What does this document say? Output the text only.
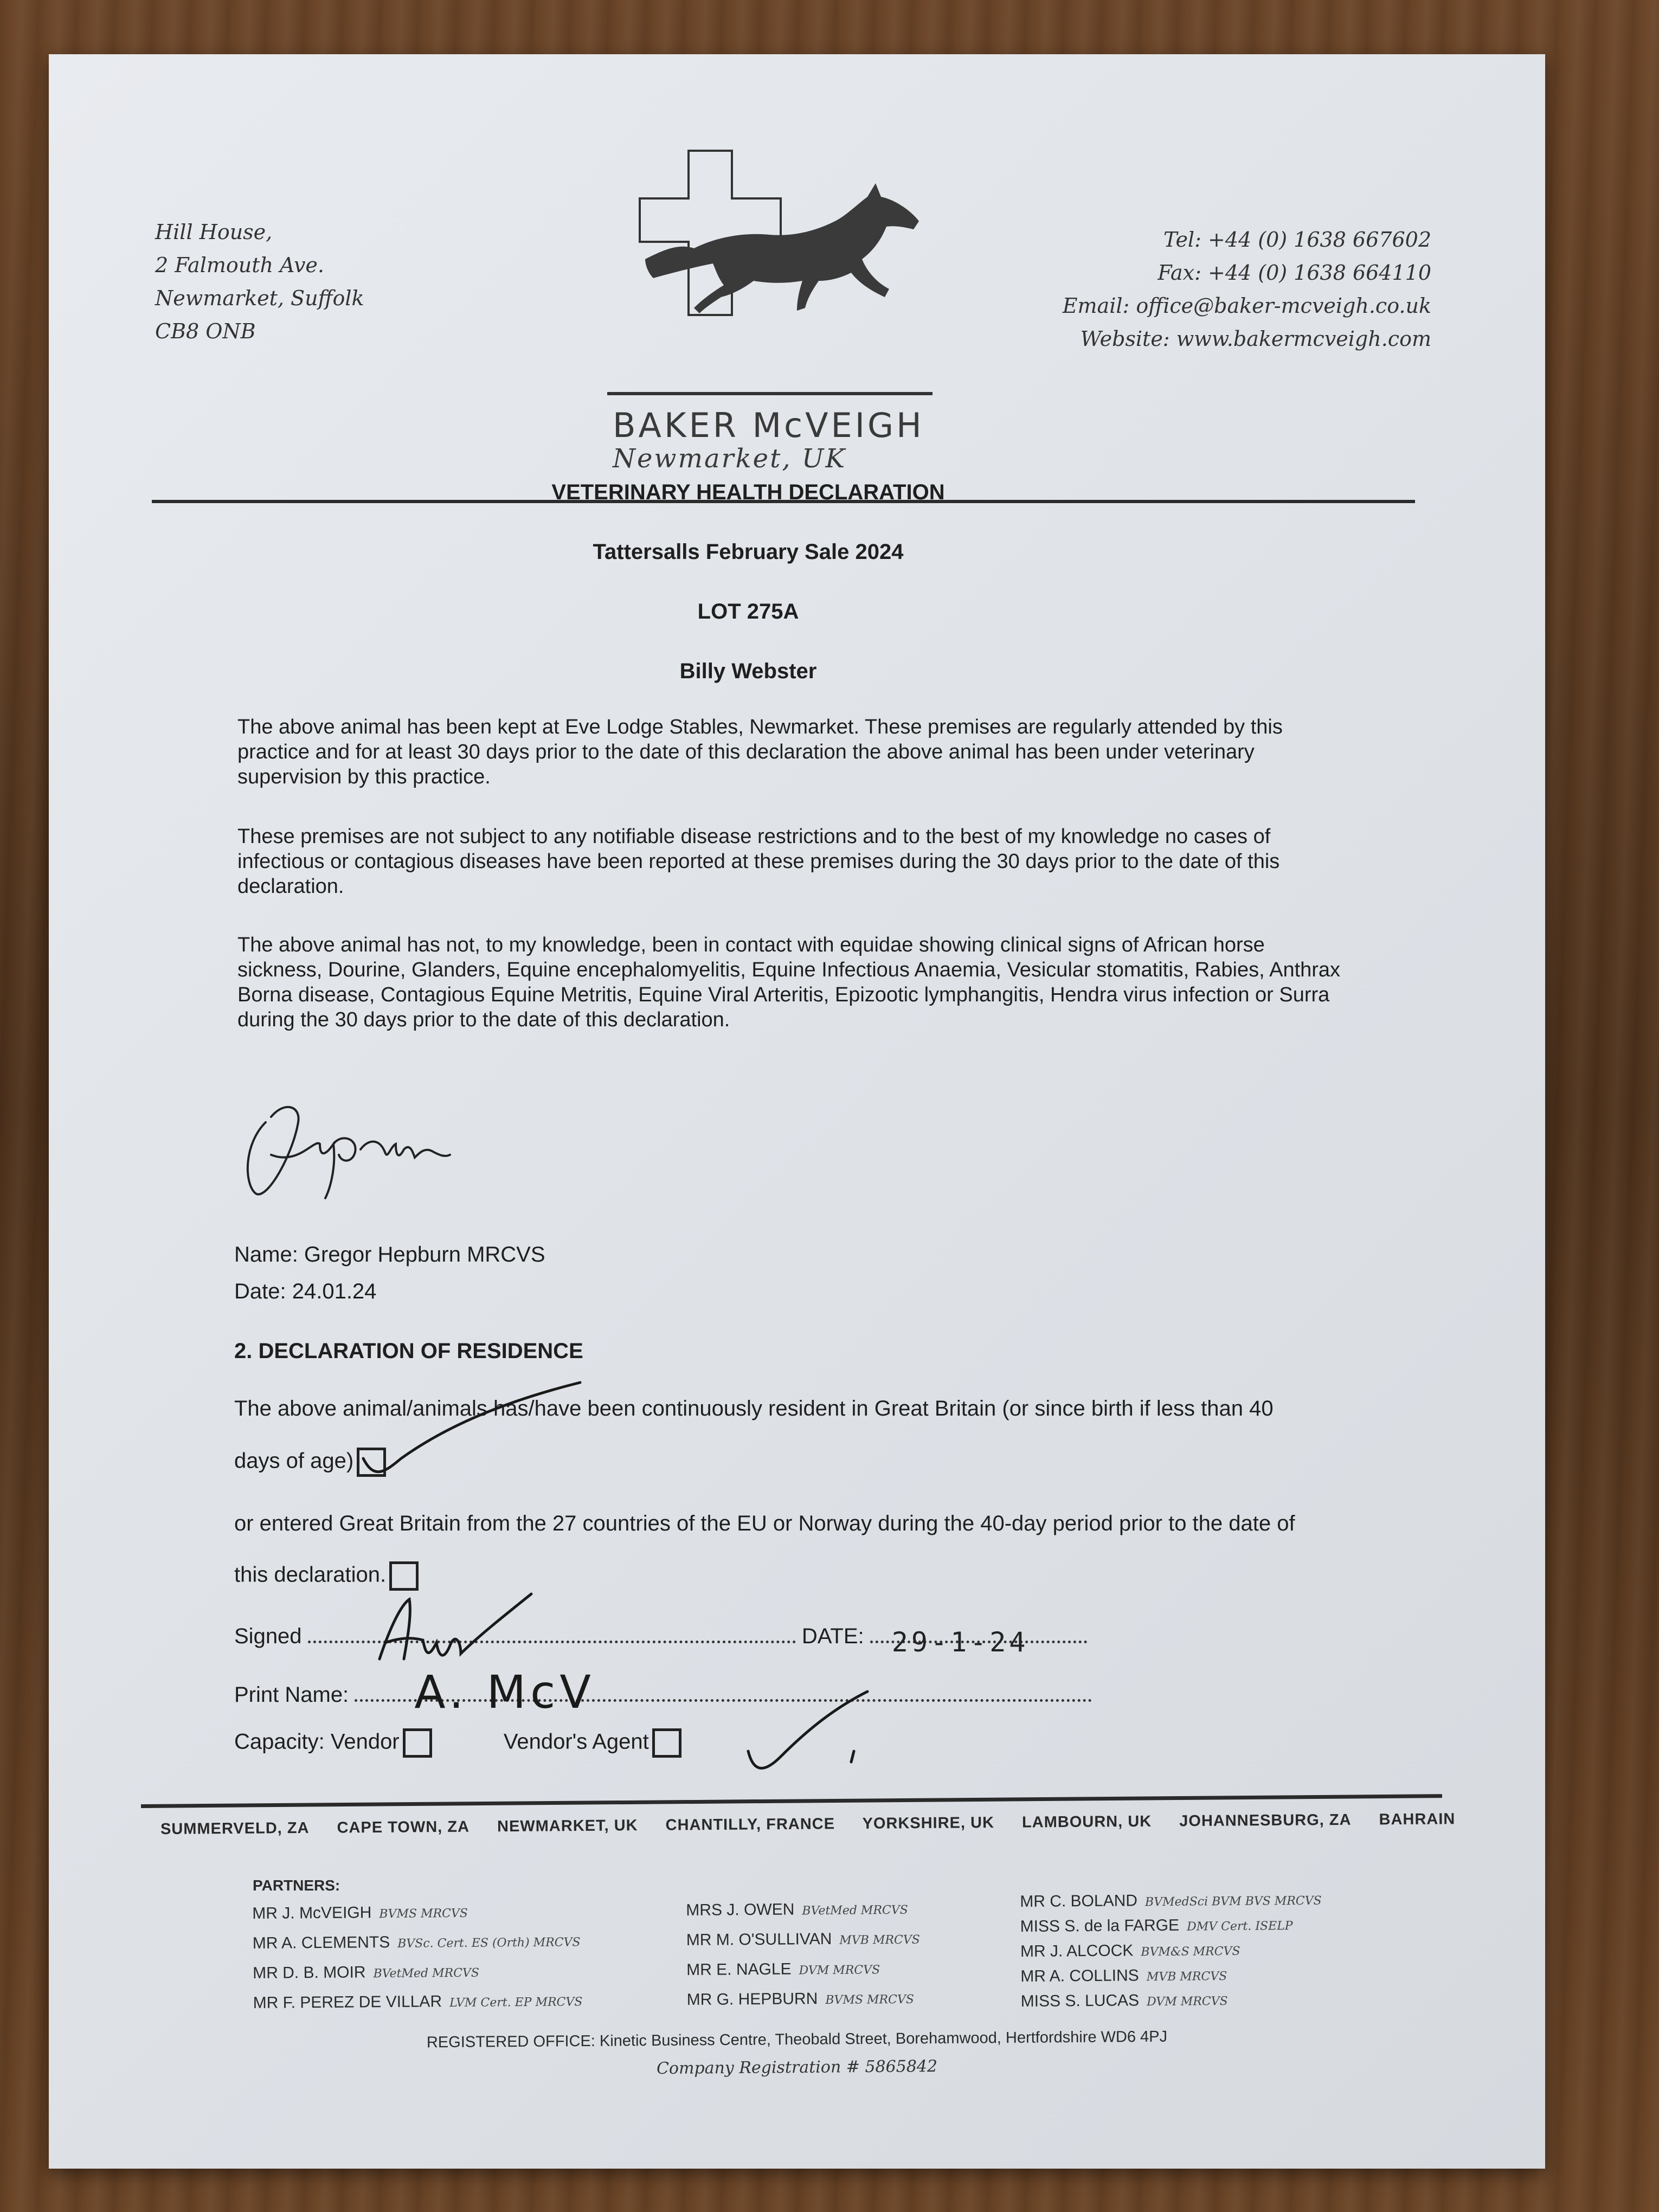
Hill House,
2 Falmouth Ave.
Newmarket, Suffolk
CB8 ONB
BAKER McVEIGH
Newmarket, UK
Tel: +44 (0) 1638 667602
Fax: +44 (0) 1638 664110
Email: office@baker-mcveigh.co.uk
Website: www.bakermcveigh.com
VETERINARY HEALTH DECLARATION
Tattersalls February Sale 2024
LOT 275A
Billy Webster
The above animal has been kept at Eve Lodge Stables, Newmarket. These premises are regularly attended by this practice and for at least 30 days prior to the date of this declaration the above animal has been under veterinary supervision by this practice.
These premises are not subject to any notifiable disease restrictions and to the best of my knowledge no cases of infectious or contagious diseases have been reported at these premises during the 30 days prior to the date of this declaration.
The above animal has not, to my knowledge, been in contact with equidae showing clinical signs of African horse sickness, Dourine, Glanders, Equine encephalomyelitis, Equine Infectious Anaemia, Vesicular stomatitis, Rabies, Anthrax Borna disease, Contagious Equine Metritis, Equine Viral Arteritis, Epizootic lymphangitis, Hendra virus infection or Surra during the 30 days prior to the date of this declaration.
Name: Gregor Hepburn MRCVS
Date: 24.01.24
2. DECLARATION OF RESIDENCE
The above animal/animals has/have been continuously resident in Great Britain (or since birth if less than 40
days of age)
or entered Great Britain from the 27 countries of the EU or Norway during the 40-day period prior to the date of
this declaration.
Signed	DATE: 29-1-24
Print Name: A. McV
Capacity: Vendor	Vendor's Agent
SUMMERVELD, ZA CAPE TOWN, ZA NEWMARKET, UK CHANTILLY, FRANCE YORKSHIRE, UK LAMBOURN, UK JOHANNESBURG, ZA BAHRAIN
PARTNERS:
MR J. McVEIGH BVMS MRCVS
MR A. CLEMENTS BVSc. Cert. ES (Orth) MRCVS
MR D. B. MOIR BVetMed MRCVS
MR F. PEREZ DE VILLAR LVM Cert. EP MRCVS
MRS J. OWEN BVetMed MRCVS
MR M. O'SULLIVAN MVB MRCVS
MR E. NAGLE DVM MRCVS
MR G. HEPBURN BVMS MRCVS
MR C. BOLAND BVMedSci BVM BVS MRCVS
MISS S. de la FARGE DMV Cert. ISELP
MR J. ALCOCK BVM&S MRCVS
MR A. COLLINS MVB MRCVS
MISS S. LUCAS DVM MRCVS
REGISTERED OFFICE: Kinetic Business Centre, Theobald Street, Borehamwood, Hertfordshire WD6 4PJ
Company Registration # 5865842
